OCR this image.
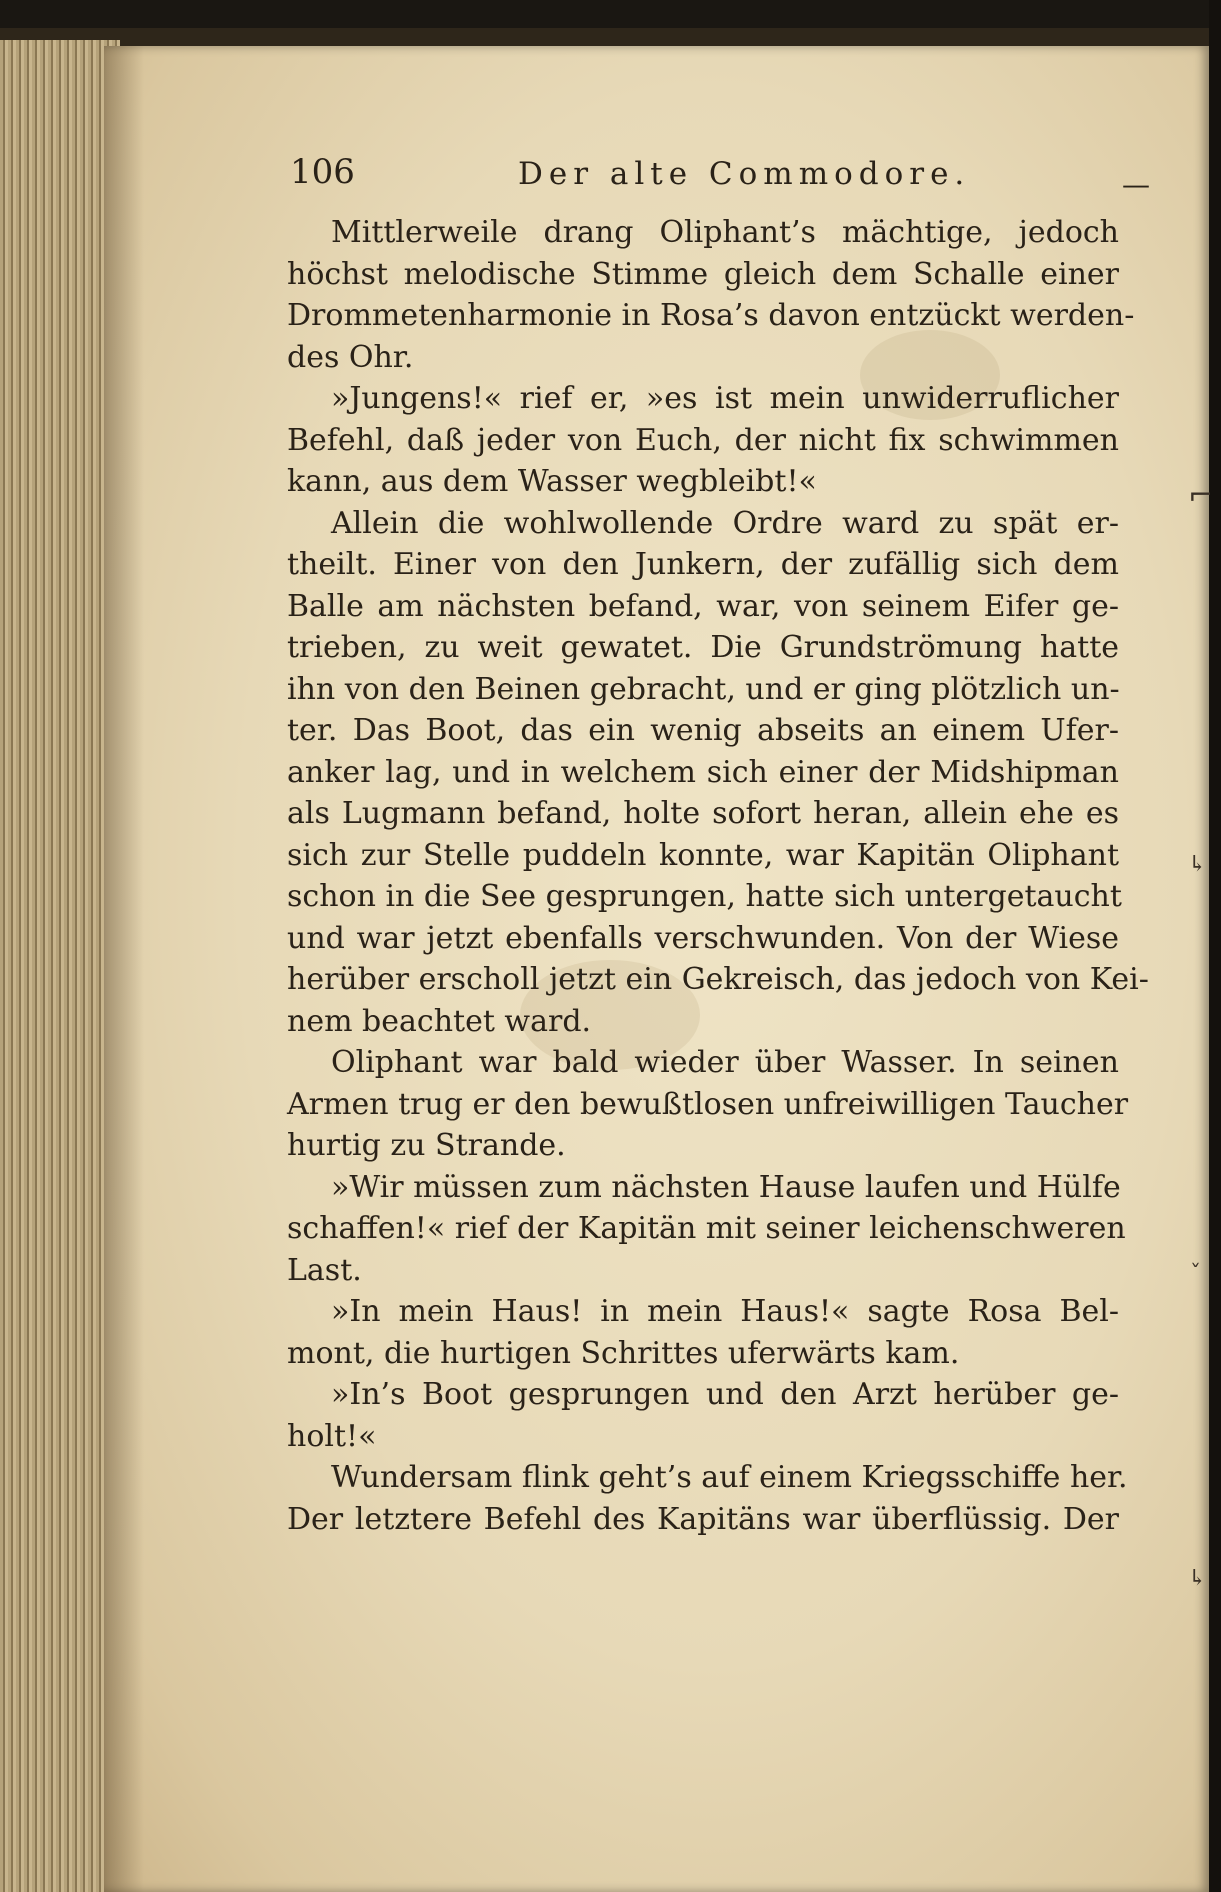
106	Der alte Commodore.	—
Mittlerweile drang Oliphant’s mächtige, jedoch
höchst melodische Stimme gleich dem Schalle einer
Drommetenharmonie in Rosa’s davon entzückt werden-
des Ohr.
»Jungens!« rief er, »es ist mein unwiderruflicher
Befehl, daß jeder von Euch, der nicht fix schwimmen
kann, aus dem Wasser wegbleibt!«
Allein die wohlwollende Ordre ward zu spät er-
theilt. Einer von den Junkern, der zufällig sich dem
Balle am nächsten befand, war, von seinem Eifer ge-
trieben, zu weit gewatet. Die Grundströmung hatte
ihn von den Beinen gebracht, und er ging plötzlich un-
ter. Das Boot, das ein wenig abseits an einem Ufer-
anker lag, und in welchem sich einer der Midshipman
als Lugmann befand, holte sofort heran, allein ehe es
sich zur Stelle puddeln konnte, war Kapitän Oliphant
schon in die See gesprungen, hatte sich untergetaucht
und war jetzt ebenfalls verschwunden. Von der Wiese
herüber erscholl jetzt ein Gekreisch, das jedoch von Kei-
nem beachtet ward.
Oliphant war bald wieder über Wasser. In seinen
Armen trug er den bewußtlosen unfreiwilligen Taucher
hurtig zu Strande.
»Wir müssen zum nächsten Hause laufen und Hülfe
schaffen!« rief der Kapitän mit seiner leichenschweren
Last.
»In mein Haus! in mein Haus!« sagte Rosa Bel-
mont, die hurtigen Schrittes uferwärts kam.
»In’s Boot gesprungen und den Arzt herüber ge-
holt!«
Wundersam flink geht’s auf einem Kriegsschiffe her.
Der letztere Befehl des Kapitäns war überflüssig. Der
⌐
↳
ˇ
↳
